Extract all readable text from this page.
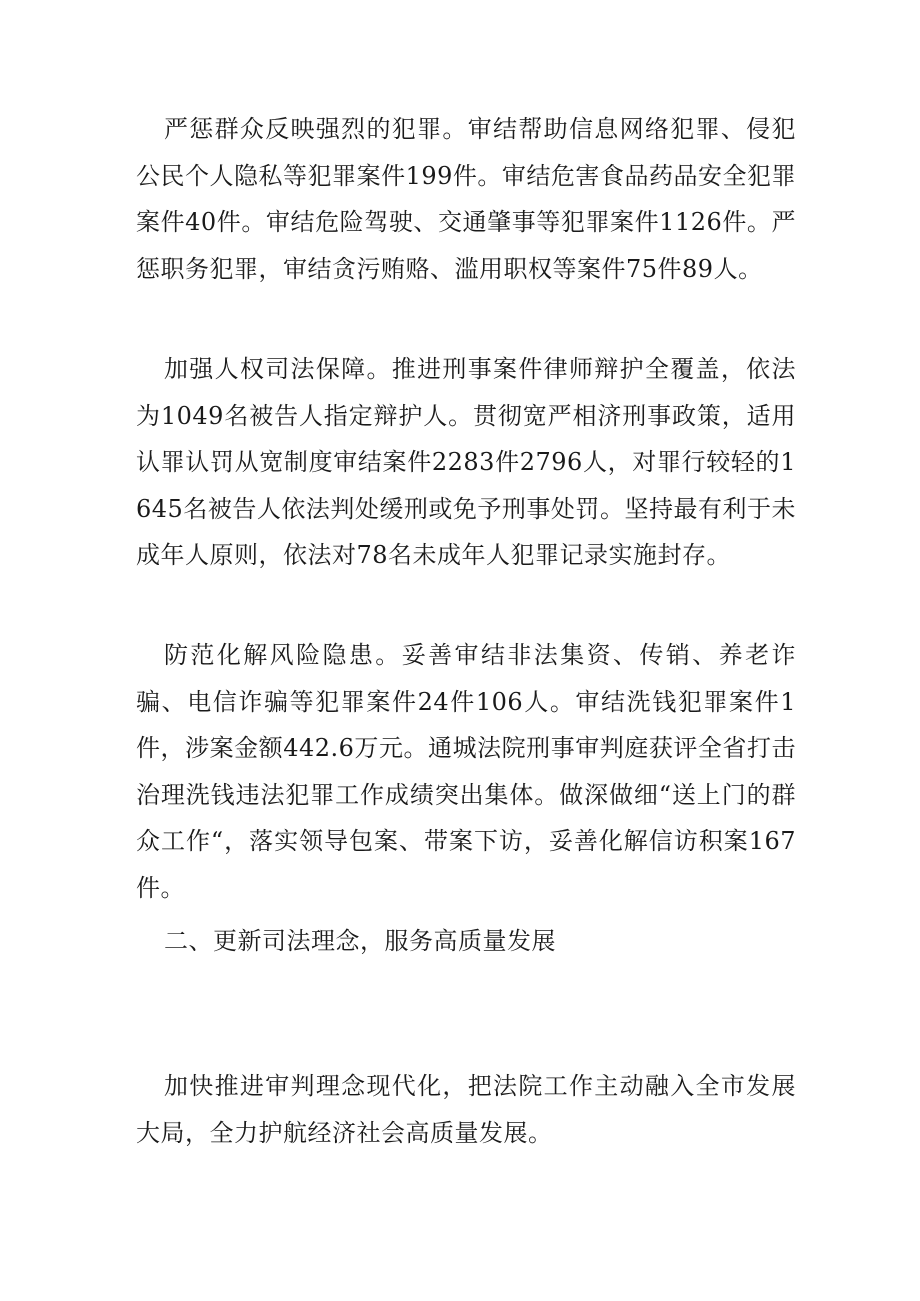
严惩群众反映强烈的犯罪。审结帮助信息网络犯罪、侵犯公民个人隐私等犯罪案件199件。审结危害食品药品安全犯罪案件40件。审结危险驾驶、交通肇事等犯罪案件1126件。严惩职务犯罪，审结贪污贿赂、滥用职权等案件75件89人。

加强人权司法保障。推进刑事案件律师辩护全覆盖，依法为1049名被告人指定辩护人。贯彻宽严相济刑事政策，适用认罪认罚从宽制度审结案件2283件2796人，对罪行较轻的1645名被告人依法判处缓刑或免予刑事处罚。坚持最有利于未成年人原则，依法对78名未成年人犯罪记录实施封存。

防范化解风险隐患。妥善审结非法集资、传销、养老诈骗、电信诈骗等犯罪案件24件106人。审结洗钱犯罪案件1件，涉案金额442.6万元。通城法院刑事审判庭获评全省打击治理洗钱违法犯罪工作成绩突出集体。做深做细“送上门的群众工作“，落实领导包案、带案下访，妥善化解信访积案167件。

二、更新司法理念，服务高质量发展

加快推进审判理念现代化，把法院工作主动融入全市发展大局，全力护航经济社会高质量发展。
